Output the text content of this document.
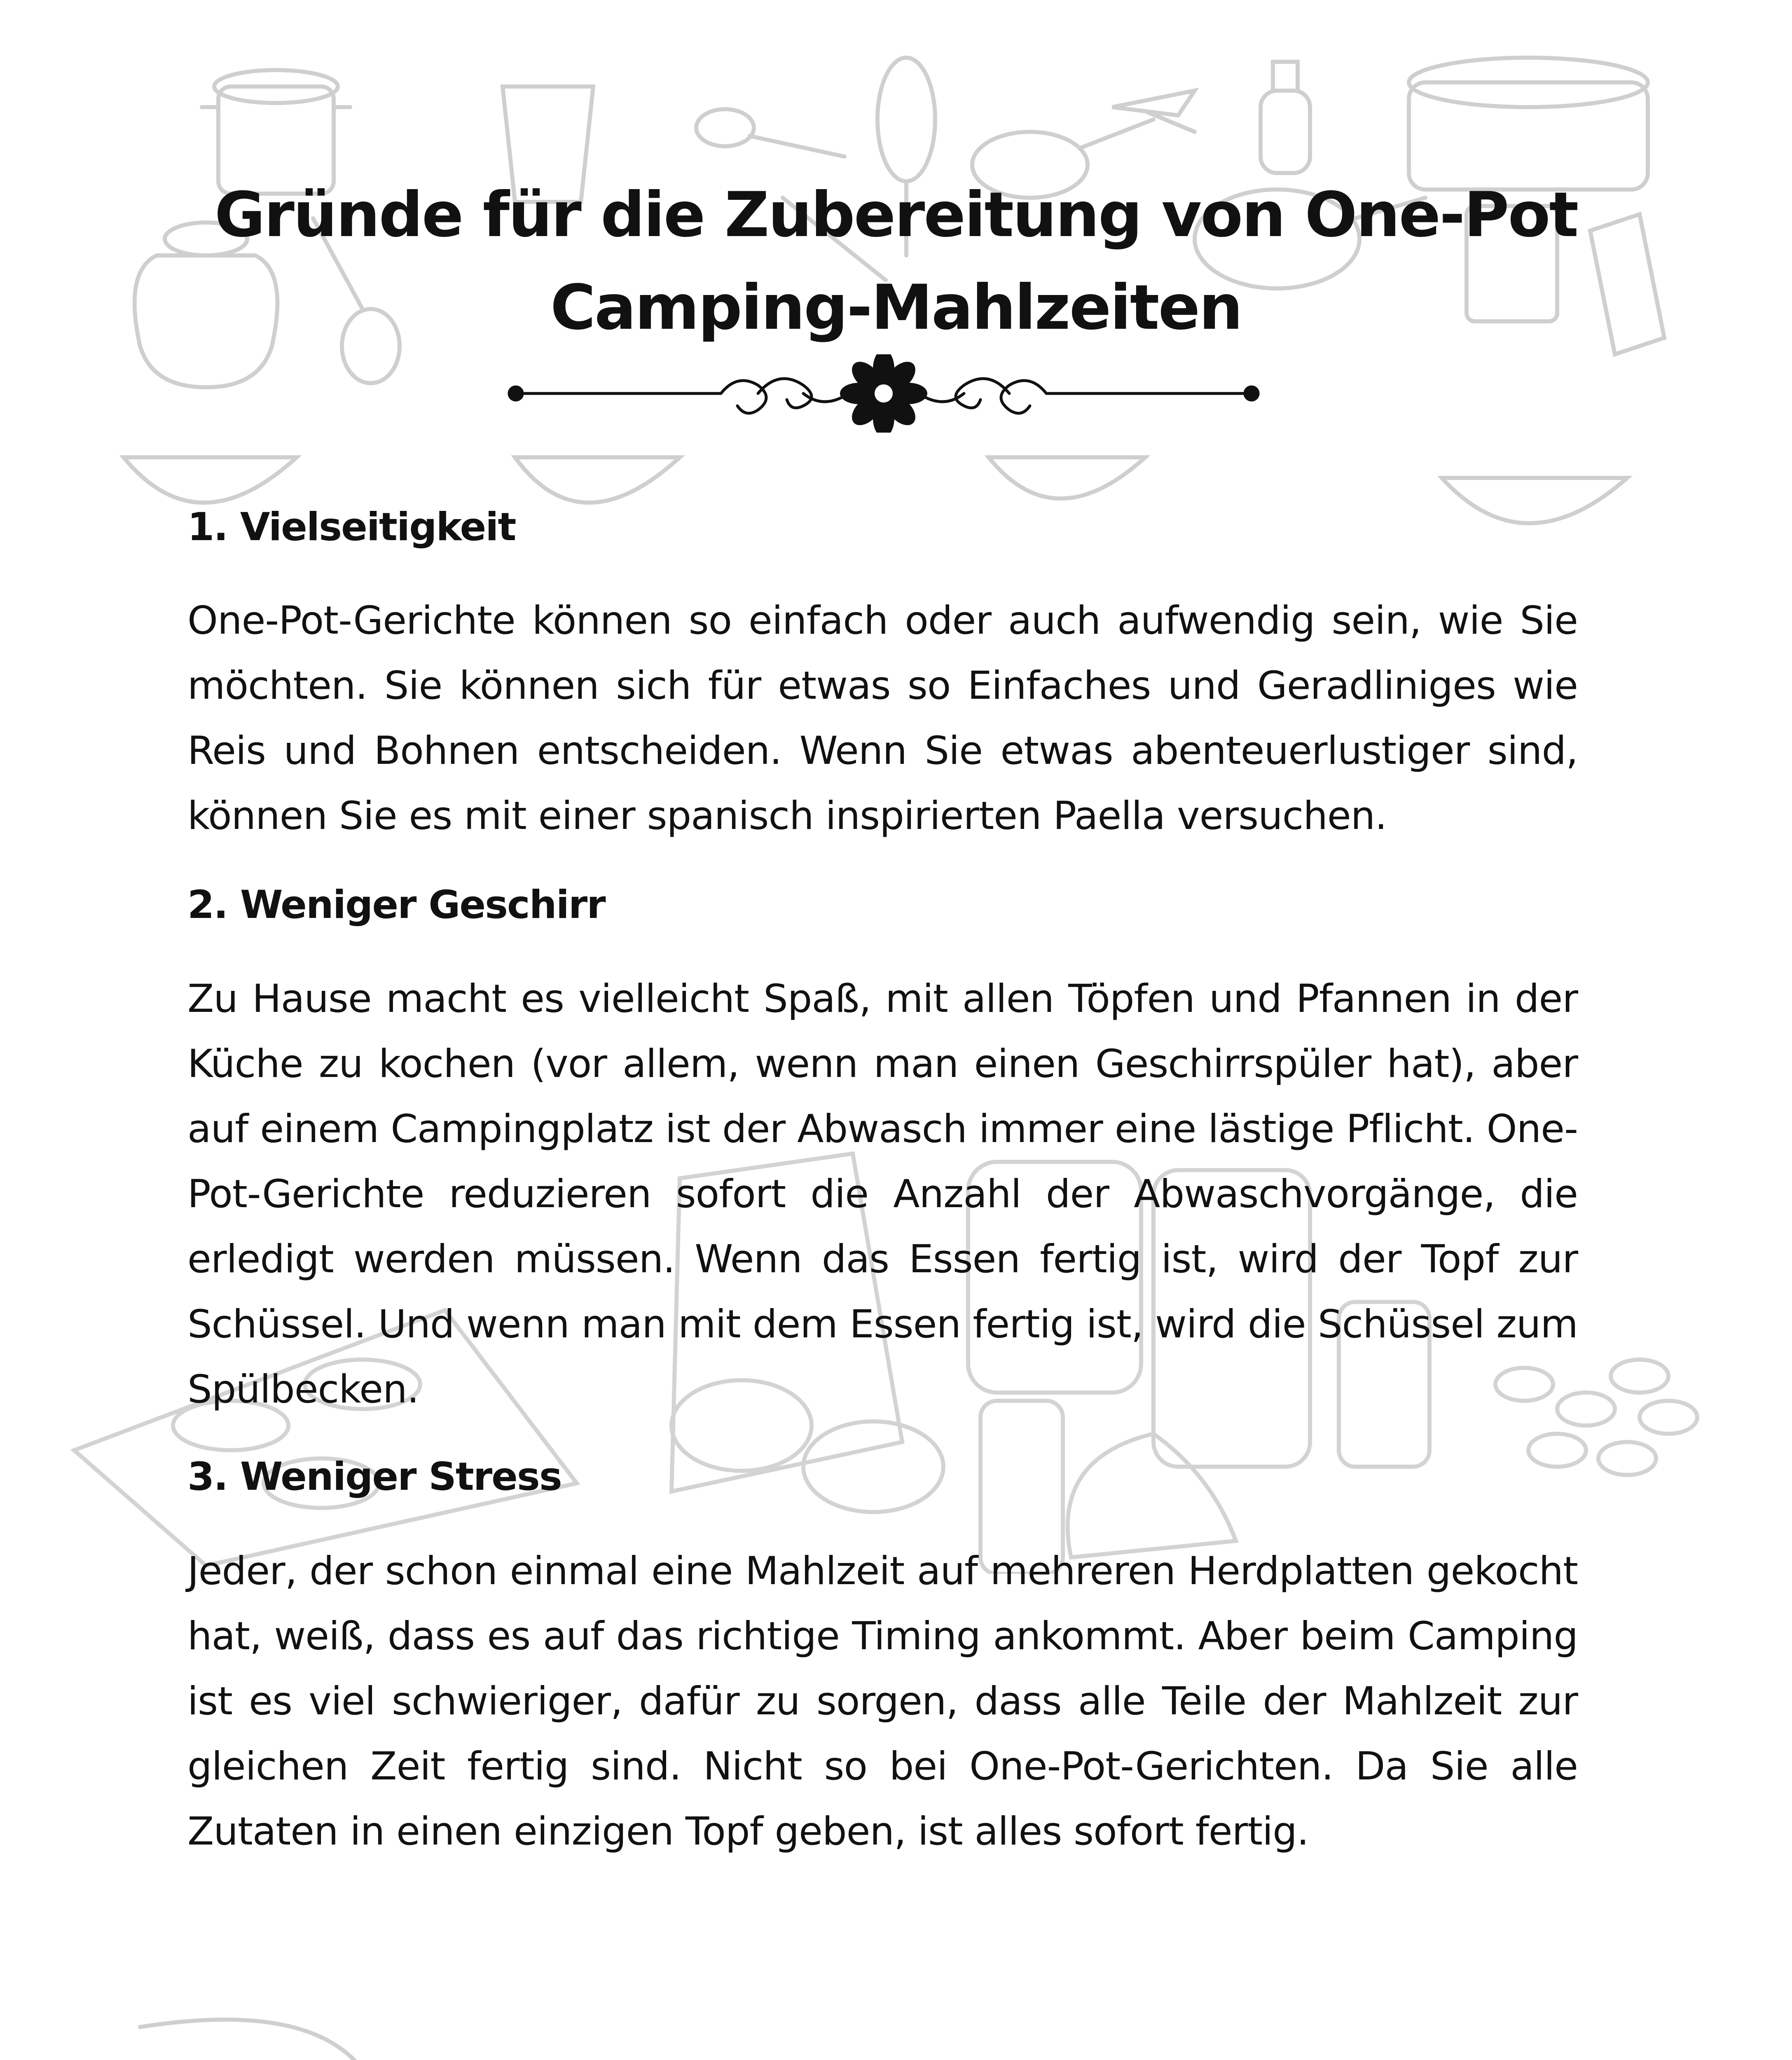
Gründe für die Zubereitung von One-Pot Camping-Mahlzeiten
1. Vielseitigkeit
One-Pot-Gerichte können so einfach oder auch aufwendig sein, wie Sie möchten. Sie können sich für etwas so Einfaches und Geradliniges wie Reis und Bohnen entscheiden. Wenn Sie etwas abenteuerlustiger sind, können Sie es mit einer spanisch inspirierten Paella versuchen.
2. Weniger Geschirr
Zu Hause macht es vielleicht Spaß, mit allen Töpfen und Pfannen in der Küche zu kochen (vor allem, wenn man einen Geschirrspüler hat), aber auf einem Campingplatz ist der Abwasch immer eine lästige Pflicht. One-Pot-Gerichte reduzieren sofort die Anzahl der Abwaschvorgänge, die erledigt werden müssen. Wenn das Essen fertig ist, wird der Topf zur Schüssel. Und wenn man mit dem Essen fertig ist, wird die Schüssel zum Spülbecken.
3. Weniger Stress
Jeder, der schon einmal eine Mahlzeit auf mehreren Herdplatten gekocht hat, weiß, dass es auf das richtige Timing ankommt. Aber beim Camping ist es viel schwieriger, dafür zu sorgen, dass alle Teile der Mahlzeit zur gleichen Zeit fertig sind. Nicht so bei One-Pot-Gerichten. Da Sie alle Zutaten in einen einzigen Topf geben, ist alles sofort fertig.
